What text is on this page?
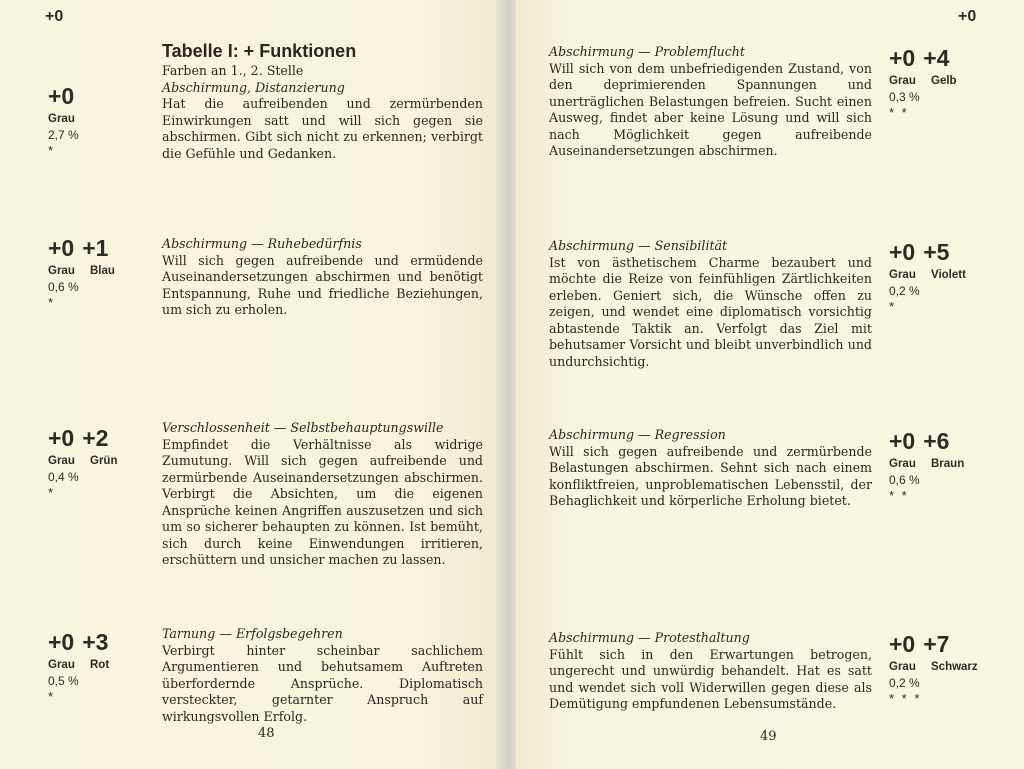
+0
+0
Grau
2,7 %
*
Tabelle I: + Funktionen
Farben an 1., 2. Stelle
Abschirmung, Distanzierung
Hat die aufreibenden und zermürbenden Einwirkungen satt und will sich gegen sie abschirmen. Gibt sich nicht zu erkennen; verbirgt die Gefühle und Gedanken.
+0 +1
Grau Blau
0,6 %
*
Abschirmung — Ruhebedürfnis
Will sich gegen aufreibende und ermüdende Auseinandersetzungen abschirmen und benötigt Entspannung, Ruhe und friedliche Beziehungen, um sich zu erholen.
+0 +2
Grau Grün
0,4 %
*
Verschlossenheit — Selbstbehauptungswille
Empfindet die Verhältnisse als widrige Zumutung. Will sich gegen aufreibende und zermürbende Auseinandersetzungen abschirmen. Verbirgt die Absichten, um die eigenen Ansprüche keinen Angriffen auszusetzen und sich um so sicherer behaupten zu können. Ist bemüht, sich durch keine Einwendungen irritieren, erschüttern und unsicher machen zu lassen.
+0 +3
Grau Rot
0,5 %
*
Tarnung — Erfolgsbegehren
Verbirgt hinter scheinbar sachlichem Argumentieren und behutsamem Auftreten überfordernde Ansprüche. Diplomatisch versteckter, getarnter Anspruch auf wirkungsvollen Erfolg.
48
+0
Abschirmung — Problemflucht
Will sich von dem unbefriedigenden Zustand, von den deprimierenden Spannungen und unerträglichen Belastungen befreien. Sucht einen Ausweg, findet aber keine Lösung und will sich nach Möglichkeit gegen aufreibende Auseinandersetzungen abschirmen.
+0 +4
Grau Gelb
0,3 %
* *
Abschirmung — Sensibilität
Ist von ästhetischem Charme bezaubert und möchte die Reize von feinfühligen Zärtlichkeiten erleben. Geniert sich, die Wünsche offen zu zeigen, und wendet eine diplomatisch vorsichtig abtastende Taktik an. Verfolgt das Ziel mit behutsamer Vorsicht und bleibt unverbindlich und undurchsichtig.
+0 +5
Grau Violett
0,2 %
*
Abschirmung — Regression
Will sich gegen aufreibende und zermürbende Belastungen abschirmen. Sehnt sich nach einem konfliktfreien, unproblematischen Lebensstil, der Behaglichkeit und körperliche Erholung bietet.
+0 +6
Grau Braun
0,6 %
* *
Abschirmung — Protesthaltung
Fühlt sich in den Erwartungen betrogen, ungerecht und unwürdig behandelt. Hat es satt und wendet sich voll Widerwillen gegen diese als Demütigung empfundenen Lebensumstände.
+0 +7
Grau Schwarz
0,2 %
* * *
49
